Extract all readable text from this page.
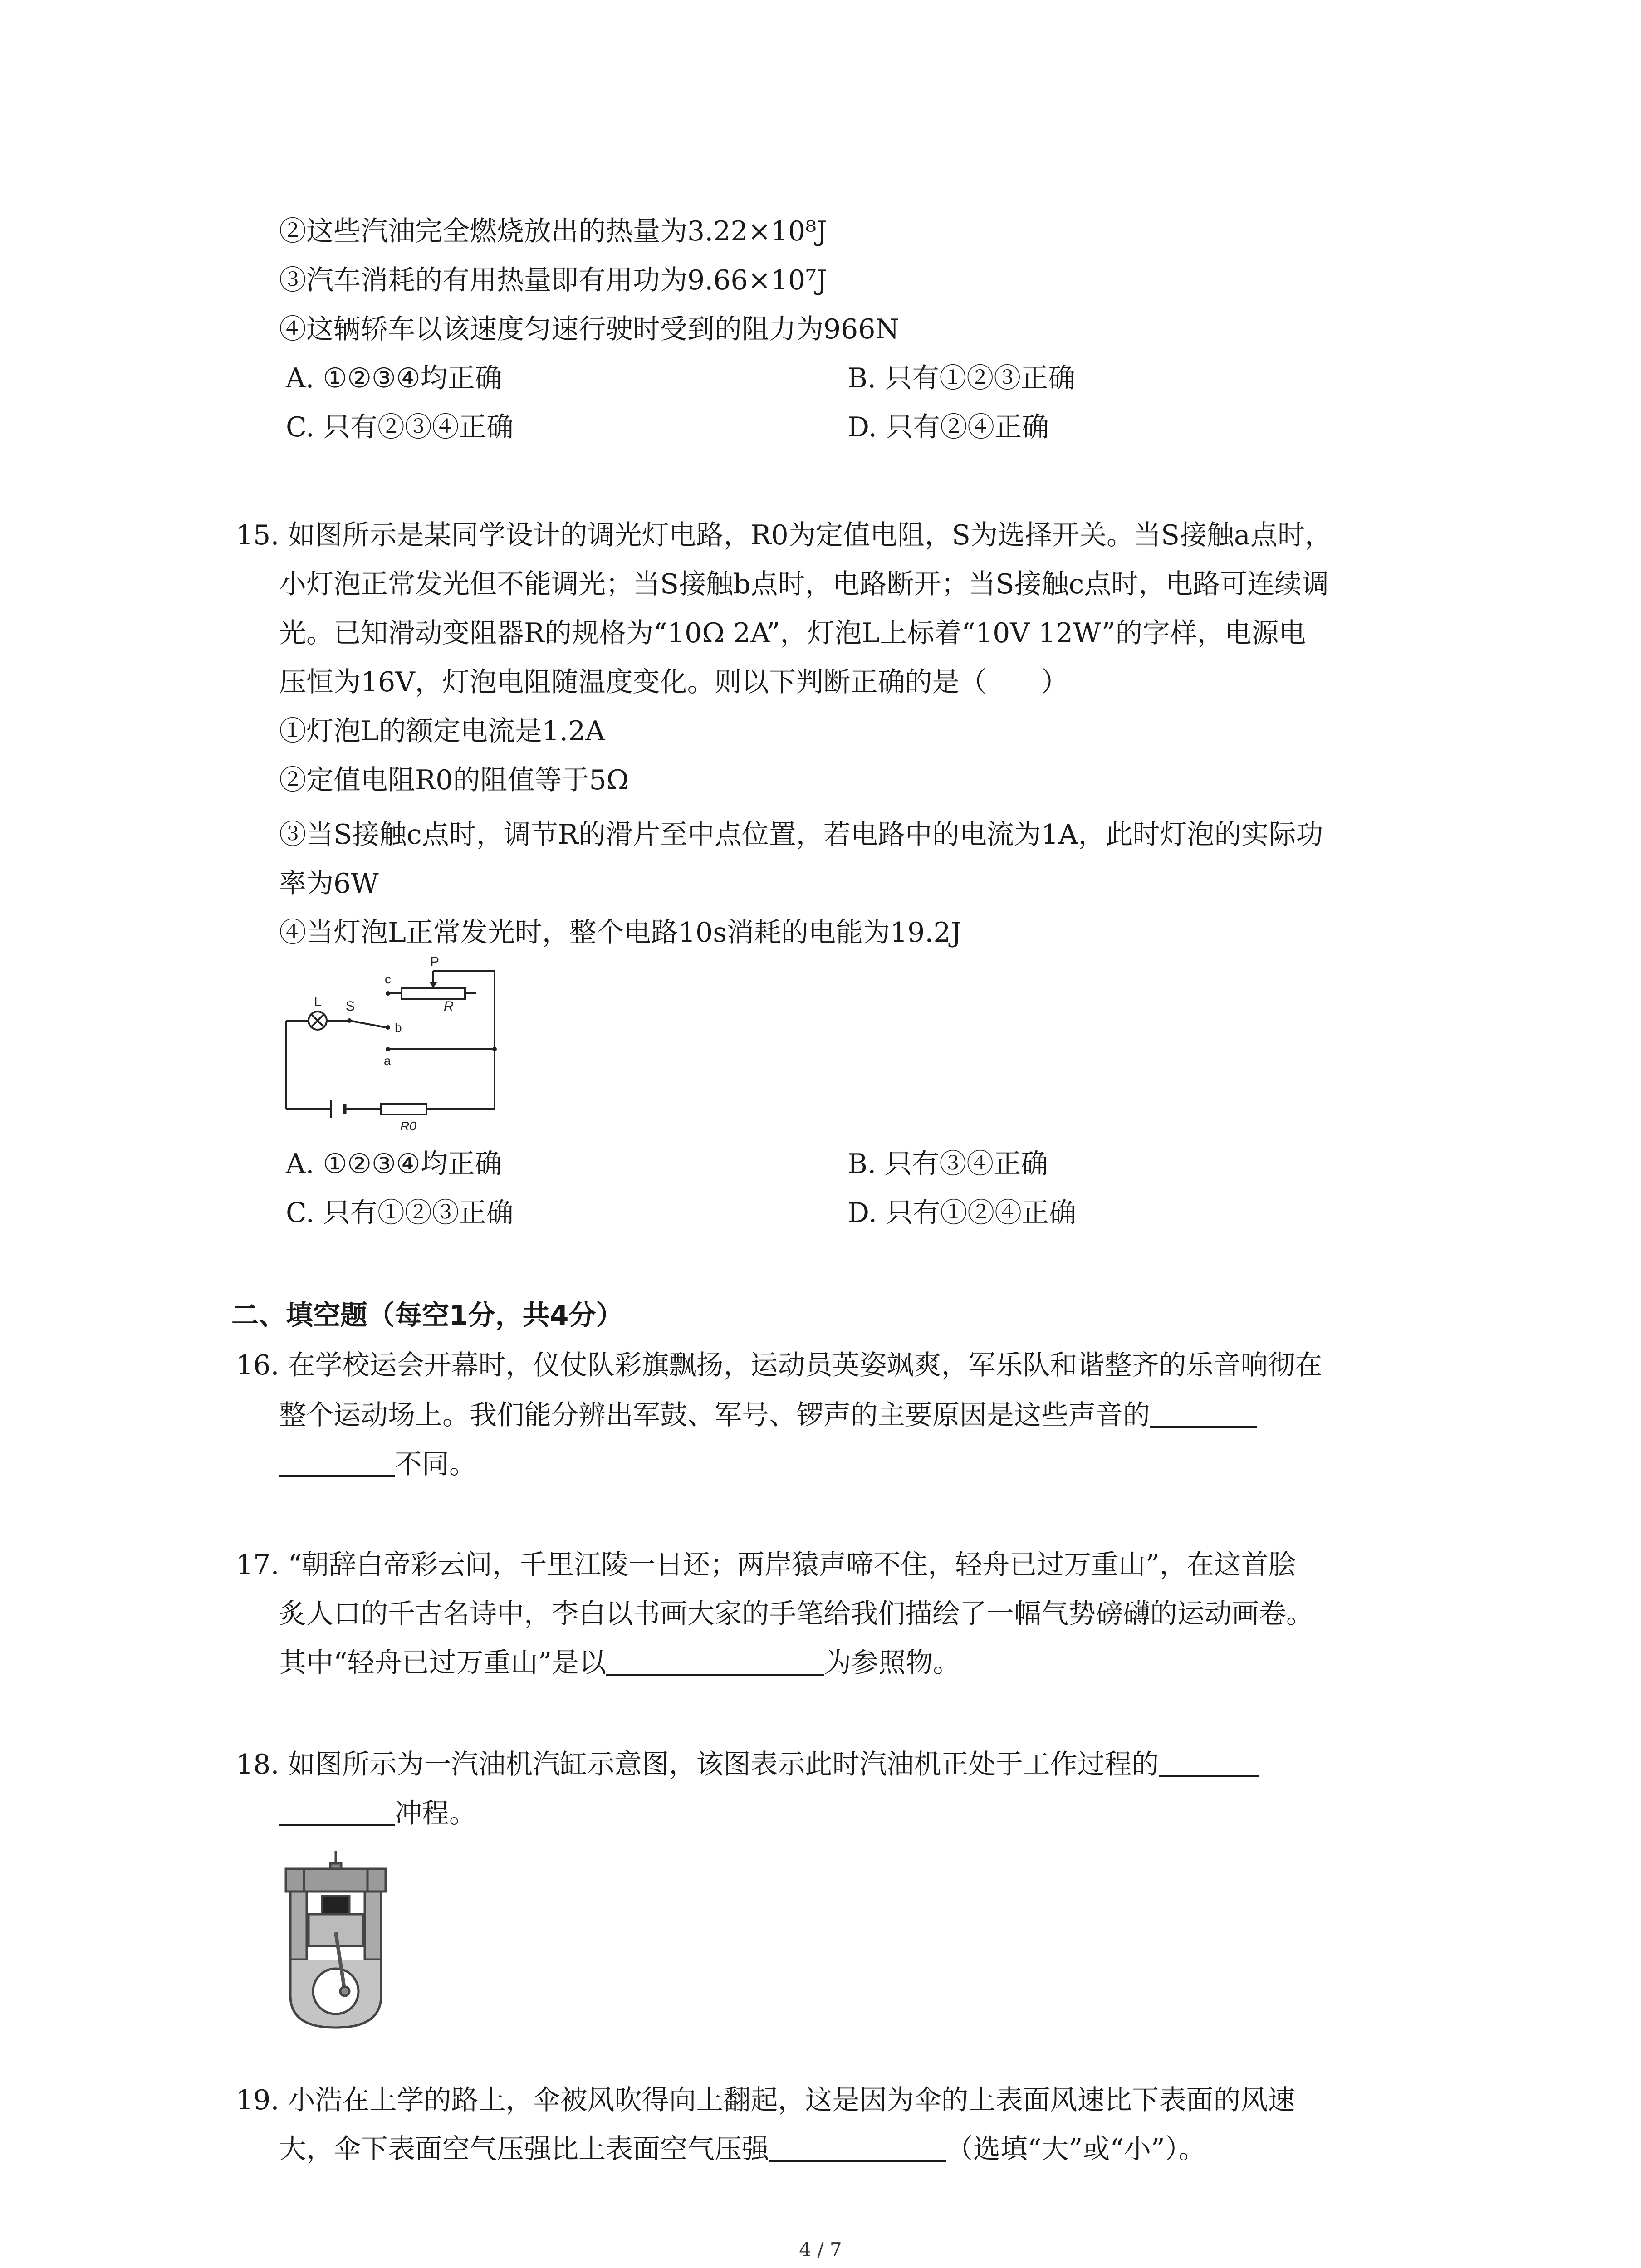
②这些汽油完全燃烧放出的热量为3.22×10⁸J
③汽车消耗的有用热量即有用功为9.66×10⁷J
④这辆轿车以该速度匀速行驶时受到的阻力为966N
A. ①②③④均正确	B. 只有①②③正确
C. 只有②③④正确	D. 只有②④正确
15. 如图所示是某同学设计的调光灯电路，R0为定值电阻，S为选择开关。当S接触a点时，
小灯泡正常发光但不能调光；当S接触b点时，电路断开；当S接触c点时，电路可连续调
光。已知滑动变阻器R的规格为“10Ω 2A”，灯泡L上标着“10V 12W”的字样，电源电
压恒为16V，灯泡电阻随温度变化。则以下判断正确的是（　　）
①灯泡L的额定电流是1.2A
②定值电阻R0的阻值等于5Ω
③当S接触c点时，调节R的滑片至中点位置，若电路中的电流为1A，此时灯泡的实际功
率为6W
④当灯泡L正常发光时，整个电路10s消耗的电能为19.2J
L S
c
b
a
P
R
R0
A. ①②③④均正确	B. 只有③④正确
C. 只有①②③正确	D. 只有①②④正确
二、填空题（每空1分，共4分）
16. 在学校运会开幕时，仪仗队彩旗飘扬，运动员英姿飒爽，军乐队和谐整齐的乐音响彻在
整个运动场上。我们能分辨出军鼓、军号、锣声的主要原因是这些声音的
不同。
17. “朝辞白帝彩云间，千里江陵一日还；两岸猿声啼不住，轻舟已过万重山”，在这首脍
炙人口的千古名诗中，李白以书画大家的手笔给我们描绘了一幅气势磅礴的运动画卷。
其中“轻舟已过万重山”是以	为参照物。
18. 如图所示为一汽油机汽缸示意图，该图表示此时汽油机正处于工作过程的
冲程。
19. 小浩在上学的路上，伞被风吹得向上翻起，这是因为伞的上表面风速比下表面的风速
大，伞下表面空气压强比上表面空气压强	（选填“大”或“小”）。
4 / 7
